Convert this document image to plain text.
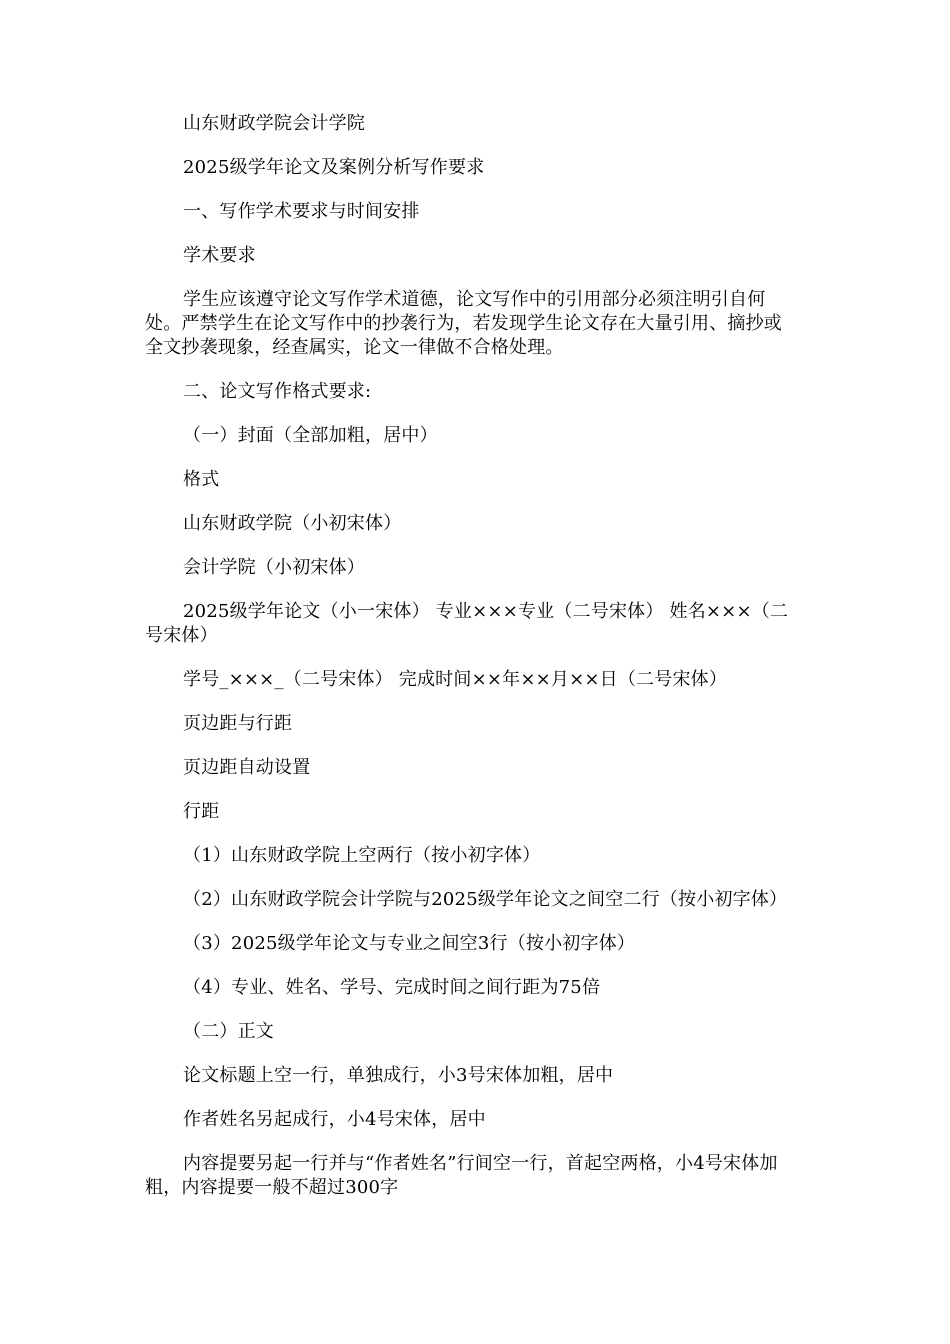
山东财政学院会计学院

2025级学年论文及案例分析写作要求

一、写作学术要求与时间安排

学术要求

学生应该遵守论文写作学术道德，论文写作中的引用部分必须注明引自何处。严禁学生在论文写作中的抄袭行为，若发现学生论文存在大量引用、摘抄或全文抄袭现象，经查属实，论文一律做不合格处理。

二、论文写作格式要求:

（一）封面（全部加粗，居中）

格式

山东财政学院（小初宋体）

会计学院（小初宋体）

2025级学年论文（小一宋体） 专业×××专业（二号宋体） 姓名×××（二号宋体）

学号_×××_（二号宋体） 完成时间××年××月××日（二号宋体）

页边距与行距

页边距自动设置

行距

（1）山东财政学院上空两行（按小初字体）

（2）山东财政学院会计学院与2025级学年论文之间空二行（按小初字体）

（3）2025级学年论文与专业之间空3行（按小初字体）

（4）专业、姓名、学号、完成时间之间行距为75倍

（二）正文

论文标题上空一行，单独成行，小3号宋体加粗，居中

作者姓名另起成行，小4号宋体，居中

内容提要另起一行并与“作者姓名”行间空一行，首起空两格，小4号宋体加粗，内容提要一般不超过300字
